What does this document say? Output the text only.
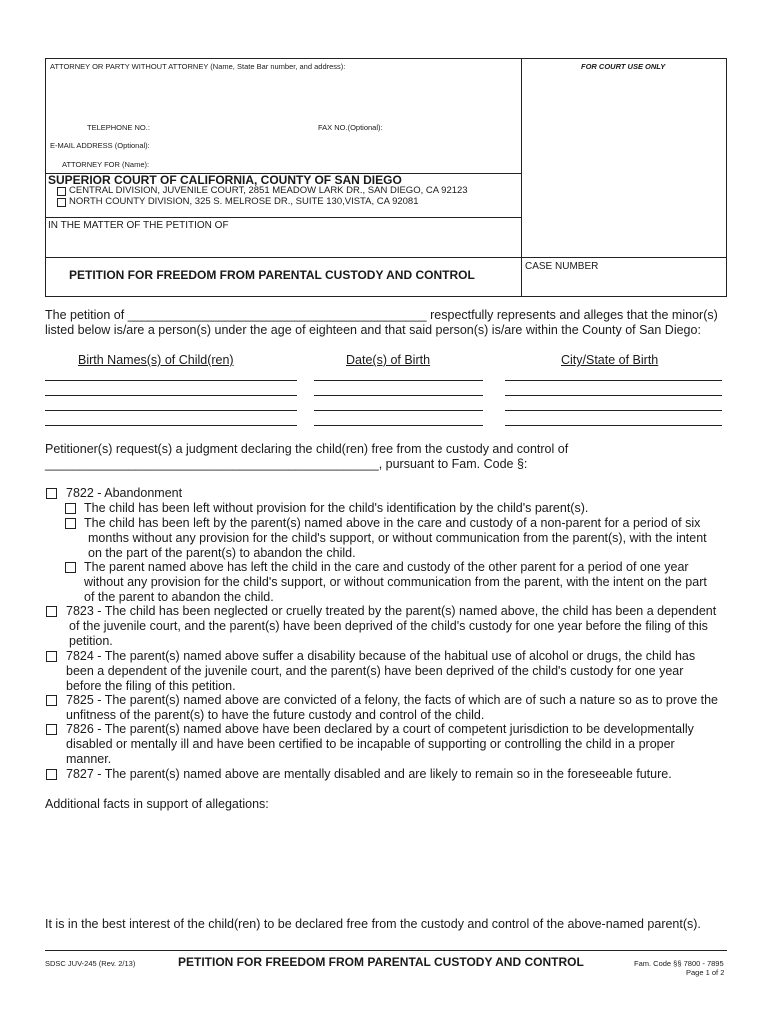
ATTORNEY OR PARTY WITHOUT ATTORNEY (Name, State Bar number, and address):	FOR COURT USE ONLY
TELEPHONE NO.:	FAX NO.(Optional):
E-MAIL ADDRESS (Optional):
ATTORNEY FOR (Name):
SUPERIOR COURT OF CALIFORNIA, COUNTY OF SAN DIEGO
CENTRAL DIVISION, JUVENILE COURT, 2851 MEADOW LARK DR., SAN DIEGO, CA 92123
NORTH COUNTY DIVISION, 325 S. MELROSE DR., SUITE 130,VISTA, CA 92081
IN THE MATTER OF THE PETITION OF
PETITION FOR FREEDOM FROM PARENTAL CUSTODY AND CONTROL
CASE NUMBER
The petition of ___________________________________________ respectfully represents and alleges that the minor(s)
listed below is/are a person(s) under the age of eighteen and that said person(s) is/are within the County of San Diego:
Birth Names(s) of Child(ren)	Date(s) of Birth	City/State of Birth
Petitioner(s) request(s) a judgment declaring the child(ren) free from the custody and control of
________________________________________________, pursuant to Fam. Code §:
7822 - Abandonment
The child has been left without provision for the child's identification by the child's parent(s).
The child has been left by the parent(s) named above in the care and custody of a non-parent for a period of six
months without any provision for the child's support, or without communication from the parent(s), with the intent
on the part of the parent(s) to abandon the child.
The parent named above has left the child in the care and custody of the other parent for a period of one year
without any provision for the child's support, or without communication from the parent, with the intent on the part
of the parent to abandon the child.
7823 - The child has been neglected or cruelly treated by the parent(s) named above, the child has been a dependent
of the juvenile court, and the parent(s) have been deprived of the child's custody for one year before the filing of this
petition.
7824 - The parent(s) named above suffer a disability because of the habitual use of alcohol or drugs, the child has
been a dependent of the juvenile court, and the parent(s) have been deprived of the child's custody for one year
before the filing of this petition.
7825 - The parent(s) named above are convicted of a felony, the facts of which are of such a nature so as to prove the
unfitness of the parent(s) to have the future custody and control of the child.
7826 - The parent(s) named above have been declared by a court of competent jurisdiction to be developmentally
disabled or mentally ill and have been certified to be incapable of supporting or controlling the child in a proper
manner.
7827 - The parent(s) named above are mentally disabled and are likely to remain so in the foreseeable future.
Additional facts in support of allegations:
It is in the best interest of the child(ren) to be declared free from the custody and control of the above-named parent(s).
SDSC JUV-245 (Rev. 2/13)	PETITION FOR FREEDOM FROM PARENTAL CUSTODY AND CONTROL	Fam. Code §§ 7800 - 7895
Page 1 of 2
